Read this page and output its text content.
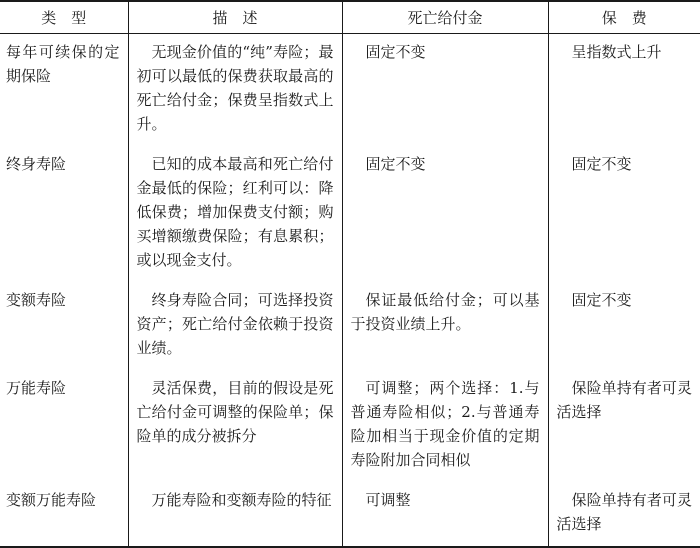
类　型	描　述	死亡给付金	保　费
每年可续保的定期保险	无现金价值的“纯”寿险；最初可以最低的保费获取最高的死亡给付金；保费呈指数式上升。	固定不变	呈指数式上升
终身寿险	已知的成本最高和死亡给付金最低的保险；红利可以：降低保费；增加保费支付额；购买增额缴费保险；有息累积；或以现金支付。	固定不变	固定不变
变额寿险	终身寿险合同；可选择投资资产；死亡给付金依赖于投资业绩。	保证最低给付金；可以基于投资业绩上升。	固定不变
万能寿险	灵活保费，目前的假设是死亡给付金可调整的保险单；保险单的成分被拆分	可调整；两个选择：1.与普通寿险相似；2.与普通寿险加相当于现金价值的定期寿险附加合同相似	保险单持有者可灵活选择
变额万能寿险	万能寿险和变额寿险的特征	可调整	保险单持有者可灵活选择
